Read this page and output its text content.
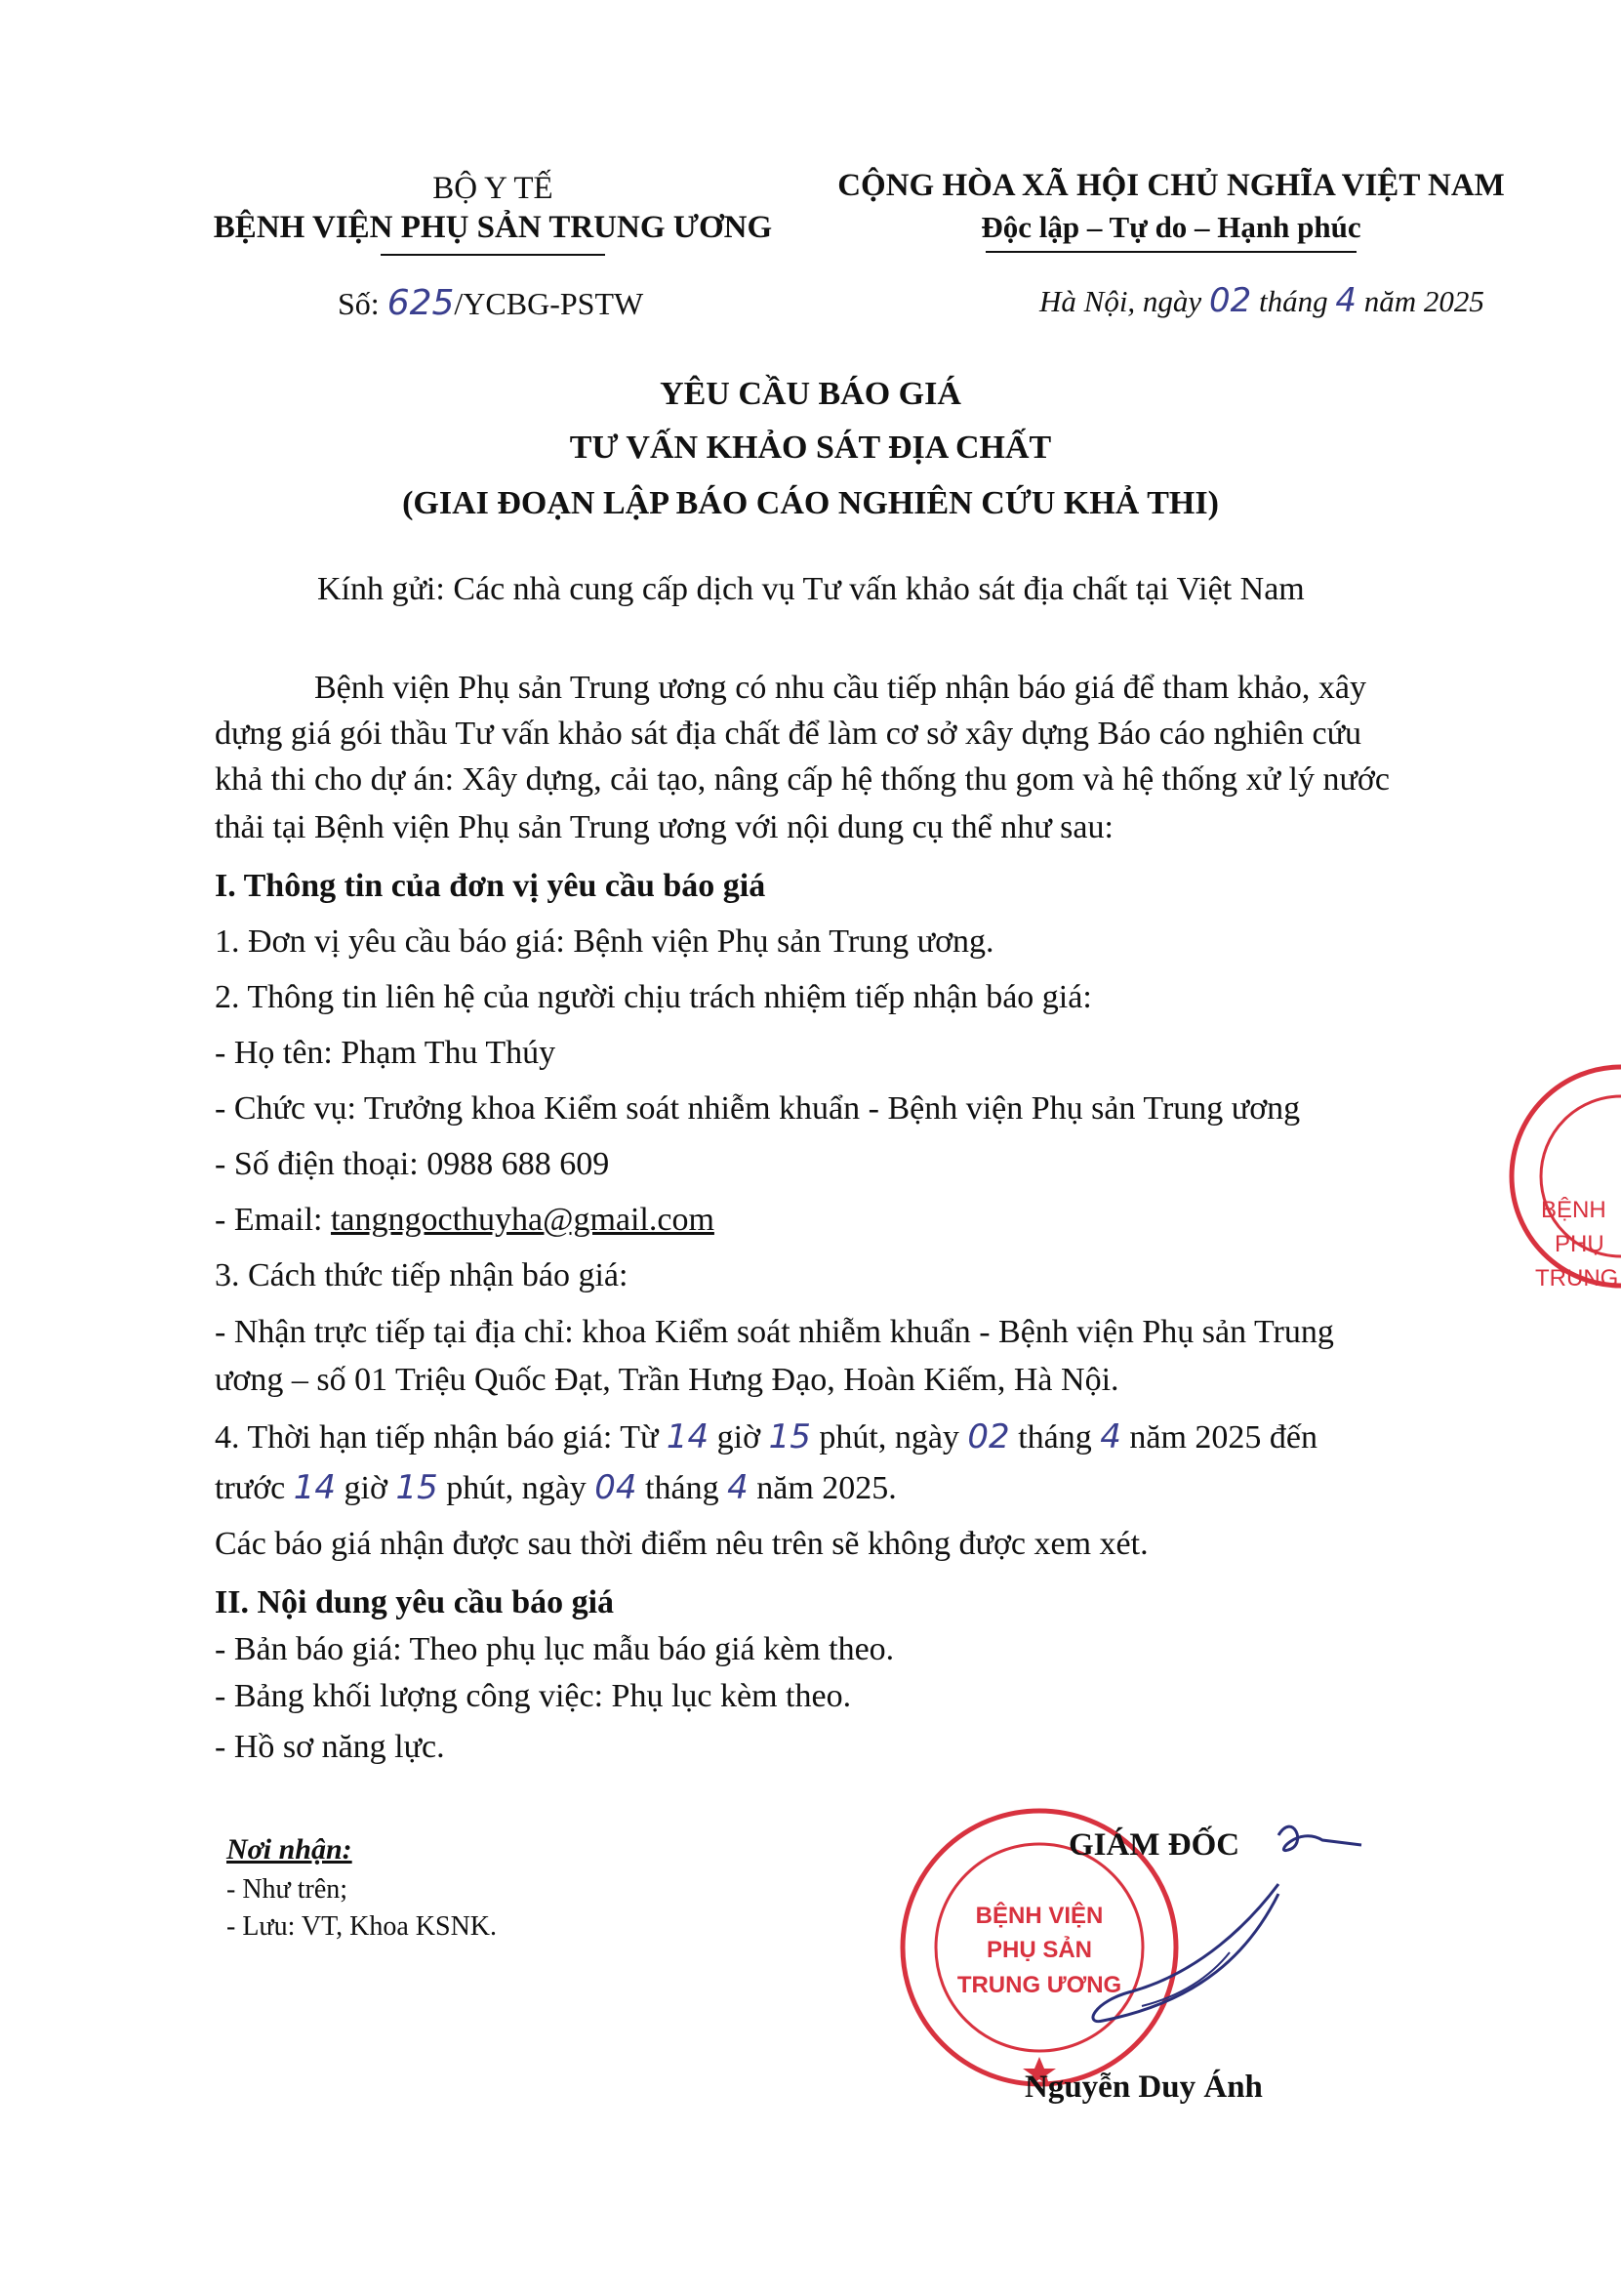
BỘ Y TẾ
BỆNH VIỆN PHỤ SẢN TRUNG ƯƠNG
Số: 625/YCBG-PSTW
CỘNG HÒA XÃ HỘI CHỦ NGHĨA VIỆT NAM
Độc lập – Tự do – Hạnh phúc
Hà Nội, ngày 02 tháng 4 năm 2025
YÊU CẦU BÁO GIÁ
TƯ VẤN KHẢO SÁT ĐỊA CHẤT
(GIAI ĐOẠN LẬP BÁO CÁO NGHIÊN CỨU KHẢ THI)
Kính gửi: Các nhà cung cấp dịch vụ Tư vấn khảo sát địa chất tại Việt Nam
Bệnh viện Phụ sản Trung ương có nhu cầu tiếp nhận báo giá để tham khảo, xây
dựng giá gói thầu Tư vấn khảo sát địa chất để làm cơ sở xây dựng Báo cáo nghiên cứu
khả thi cho dự án: Xây dựng, cải tạo, nâng cấp hệ thống thu gom và hệ thống xử lý nước
thải tại Bệnh viện Phụ sản Trung ương với nội dung cụ thể như sau:
I. Thông tin của đơn vị yêu cầu báo giá
1. Đơn vị yêu cầu báo giá: Bệnh viện Phụ sản Trung ương.
2. Thông tin liên hệ của người chịu trách nhiệm tiếp nhận báo giá:
- Họ tên: Phạm Thu Thúy
- Chức vụ: Trưởng khoa Kiểm soát nhiễm khuẩn - Bệnh viện Phụ sản Trung ương
- Số điện thoại: 0988 688 609
- Email: tangngocthuyha@gmail.com
3. Cách thức tiếp nhận báo giá:
- Nhận trực tiếp tại địa chỉ: khoa Kiểm soát nhiễm khuẩn - Bệnh viện Phụ sản Trung
ương – số 01 Triệu Quốc Đạt, Trần Hưng Đạo, Hoàn Kiếm, Hà Nội.
4. Thời hạn tiếp nhận báo giá: Từ 14 giờ 15 phút, ngày 02 tháng 4 năm 2025 đến
trước 14 giờ 15 phút, ngày 04 tháng 4 năm 2025.
Các báo giá nhận được sau thời điểm nêu trên sẽ không được xem xét.
II. Nội dung yêu cầu báo giá
- Bản báo giá: Theo phụ lục mẫu báo giá kèm theo.
- Bảng khối lượng công việc: Phụ lục kèm theo.
- Hồ sơ năng lực.
Nơi nhận:
- Như trên;
- Lưu: VT, Khoa KSNK.	BỆNH VIỆN
PHỤ SẢN
TRUNG ƯƠNG
GIÁM ĐỐC
Nguyễn Duy Ánh
BỆNH
PHỤ
TRUNG
